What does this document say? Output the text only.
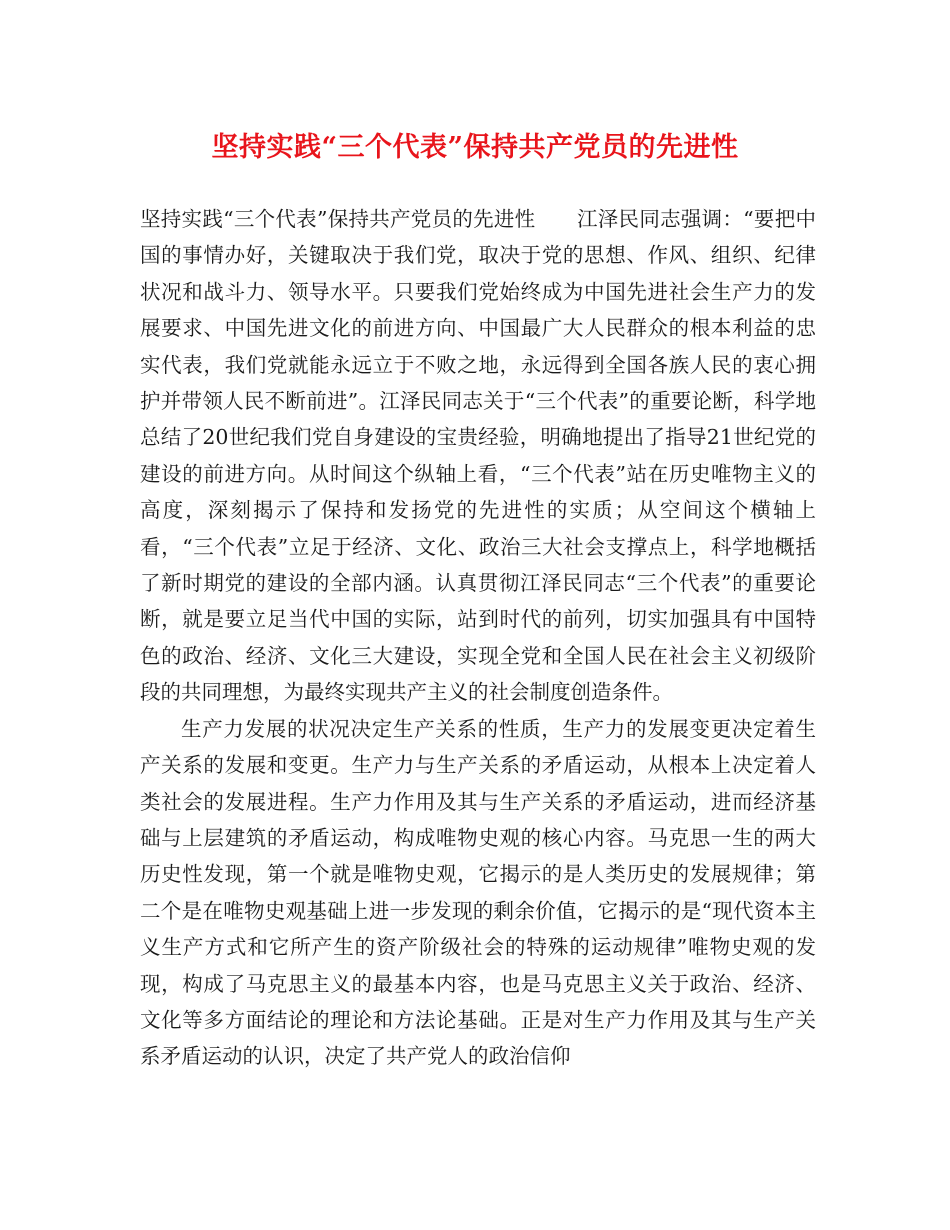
坚持实践“三个代表”保持共产党员的先进性

坚持实践“三个代表”保持共产党员的先进性　　江泽民同志强调：“要把中国的事情办好，关键取决于我们党，取决于党的思想、作风、组织、纪律状况和战斗力、领导水平。只要我们党始终成为中国先进社会生产力的发展要求、中国先进文化的前进方向、中国最广大人民群众的根本利益的忠实代表，我们党就能永远立于不败之地，永远得到全国各族人民的衷心拥护并带领人民不断前进”。江泽民同志关于“三个代表”的重要论断，科学地总结了20世纪我们党自身建设的宝贵经验，明确地提出了指导21世纪党的建设的前进方向。从时间这个纵轴上看，“三个代表”站在历史唯物主义的高度，深刻揭示了保持和发扬党的先进性的实质；从空间这个横轴上看，“三个代表”立足于经济、文化、政治三大社会支撑点上，科学地概括了新时期党的建设的全部内涵。认真贯彻江泽民同志“三个代表”的重要论断，就是要立足当代中国的实际，站到时代的前列，切实加强具有中国特色的政治、经济、文化三大建设，实现全党和全国人民在社会主义初级阶段的共同理想，为最终实现共产主义的社会制度创造条件。

生产力发展的状况决定生产关系的性质，生产力的发展变更决定着生产关系的发展和变更。生产力与生产关系的矛盾运动，从根本上决定着人类社会的发展进程。生产力作用及其与生产关系的矛盾运动，进而经济基础与上层建筑的矛盾运动，构成唯物史观的核心内容。马克思一生的两大历史性发现，第一个就是唯物史观，它揭示的是人类历史的发展规律；第二个是在唯物史观基础上进一步发现的剩余价值，它揭示的是“现代资本主义生产方式和它所产生的资产阶级社会的特殊的运动规律”唯物史观的发现，构成了马克思主义的最基本内容，也是马克思主义关于政治、经济、文化等多方面结论的理论和方法论基础。正是对生产力作用及其与生产关系矛盾运动的认识，决定了共产党人的政治信仰
